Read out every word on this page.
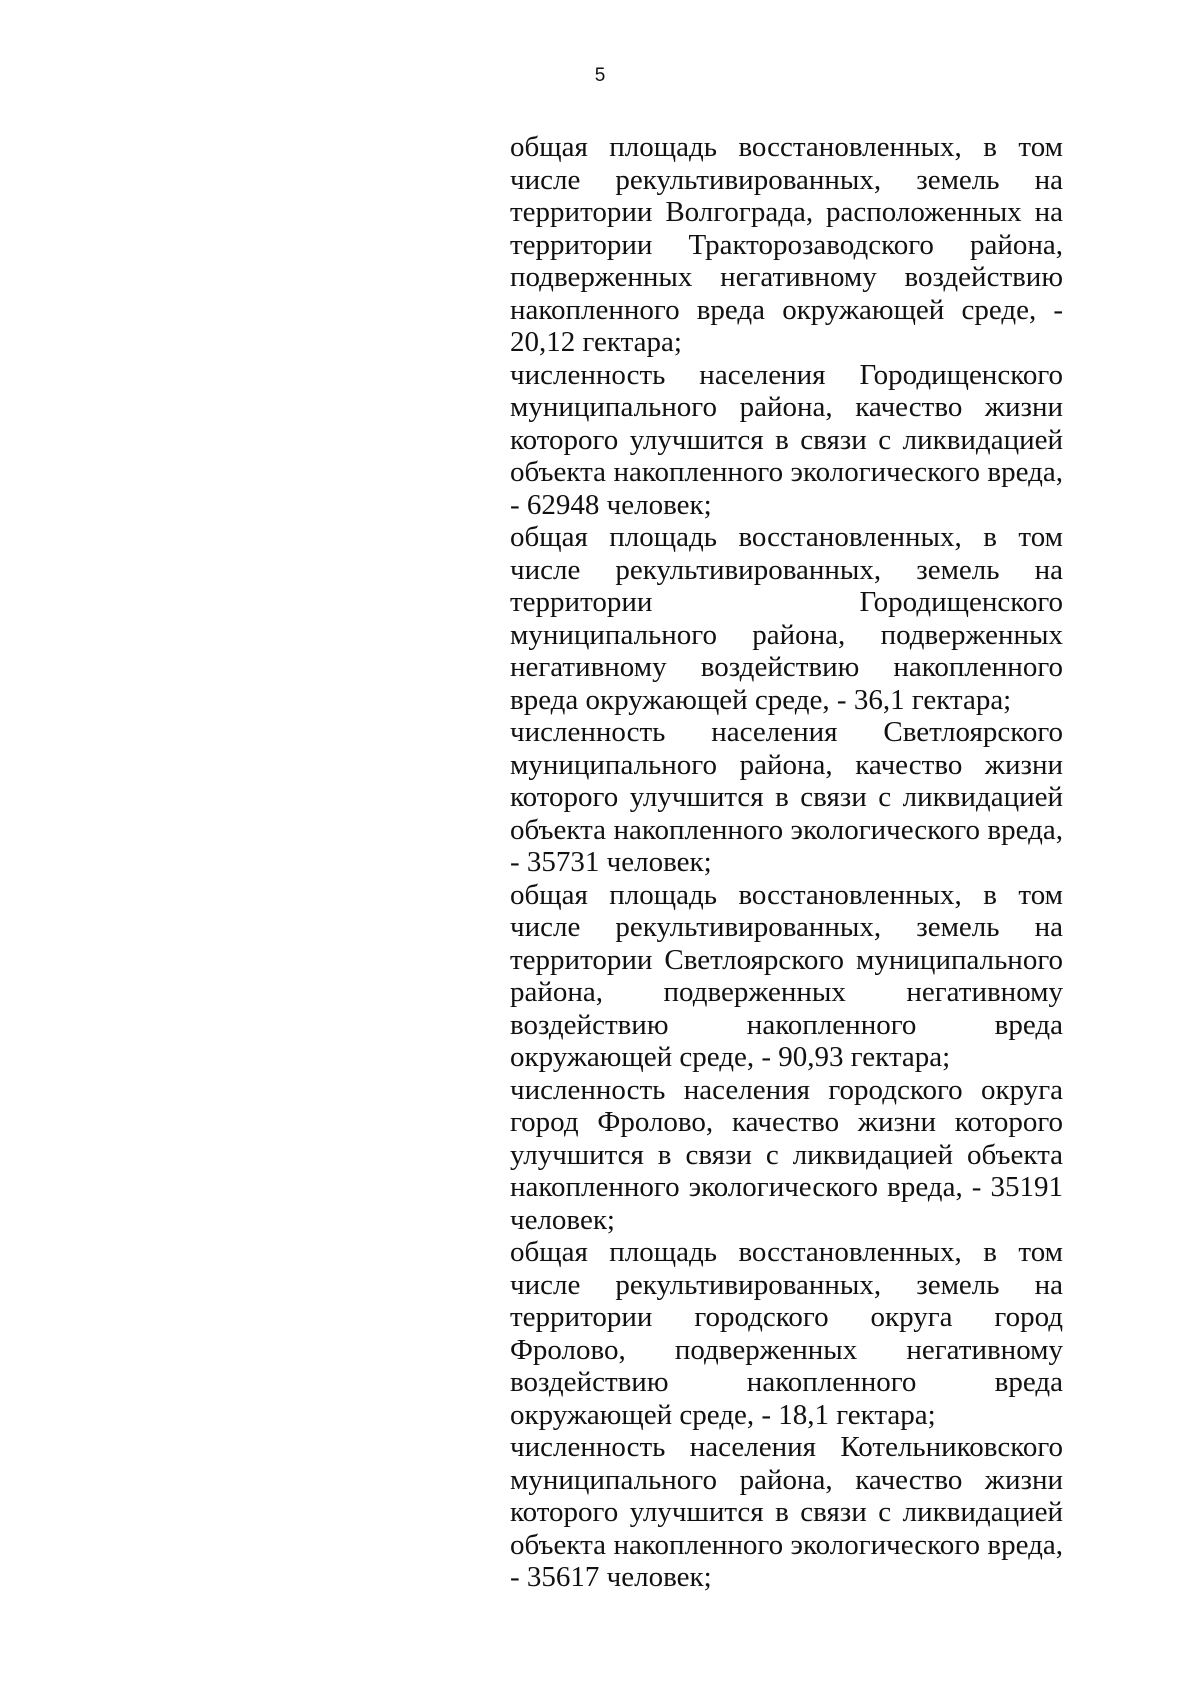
5

общая площадь восстановленных, в том числе рекультивированных, земель на территории Волгограда, расположенных на территории Тракторозаводского района, подверженных негативному воздействию накопленного вреда окружающей среде, - 20,12 гектара;

численность населения Городищенского муниципального района, качество жизни которого улучшится в связи с ликвидацией объекта накопленного экологического вреда, - 62948 человек;

общая площадь восстановленных, в том числе рекультивированных, земель на территории Городищенского муниципального района, подверженных негативному воздействию накопленного вреда окружающей среде, - 36,1 гектара;

численность населения Светлоярского муниципального района, качество жизни которого улучшится в связи с ликвидацией объекта накопленного экологического вреда, - 35731 человек;

общая площадь восстановленных, в том числе рекультивированных, земель на территории Светлоярского муниципального района, подверженных негативному воздействию накопленного вреда окружающей среде, - 90,93 гектара;

численность населения городского округа город Фролово, качество жизни которого улучшится в связи с ликвидацией объекта накопленного экологического вреда, - 35191 человек;

общая площадь восстановленных, в том числе рекультивированных, земель на территории городского округа город Фролово, подверженных негативному воздействию накопленного вреда окружающей среде, - 18,1 гектара;

численность населения Котельниковского муниципального района, качество жизни которого улучшится в связи с ликвидацией объекта накопленного экологического вреда, - 35617 человек;
